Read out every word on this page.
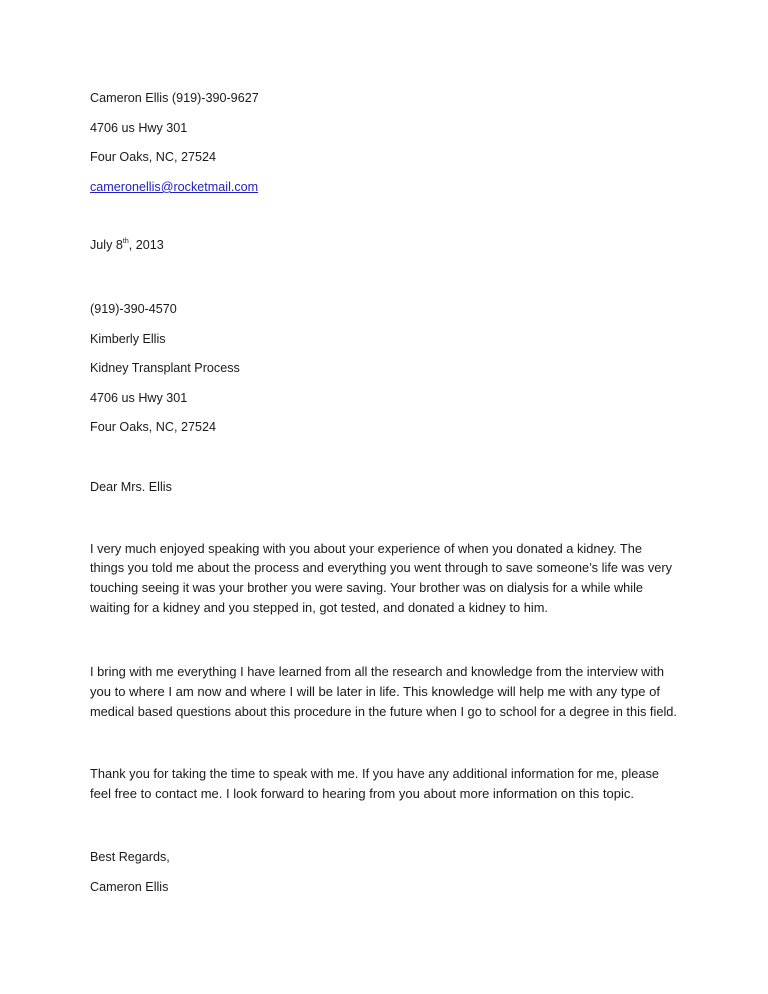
Cameron Ellis (919)-390-9627
4706 us Hwy 301
Four Oaks, NC, 27524
cameronellis@rocketmail.com
July 8th, 2013
(919)-390-4570
Kimberly Ellis
Kidney Transplant Process
4706 us Hwy 301
Four Oaks, NC, 27524
Dear Mrs. Ellis
I very much enjoyed speaking with you about your experience of when you donated a kidney. The
things you told me about the process and everything you went through to save someone’s life was very
touching seeing it was your brother you were saving. Your brother was on dialysis for a while while
waiting for a kidney and you stepped in, got tested, and donated a kidney to him.
I bring with me everything I have learned from all the research and knowledge from the interview with
you to where I am now and where I will be later in life. This knowledge will help me with any type of
medical based questions about this procedure in the future when I go to school for a degree in this field.
Thank you for taking the time to speak with me. If you have any additional information for me, please
feel free to contact me. I look forward to hearing from you about more information on this topic.
Best Regards,
Cameron Ellis
